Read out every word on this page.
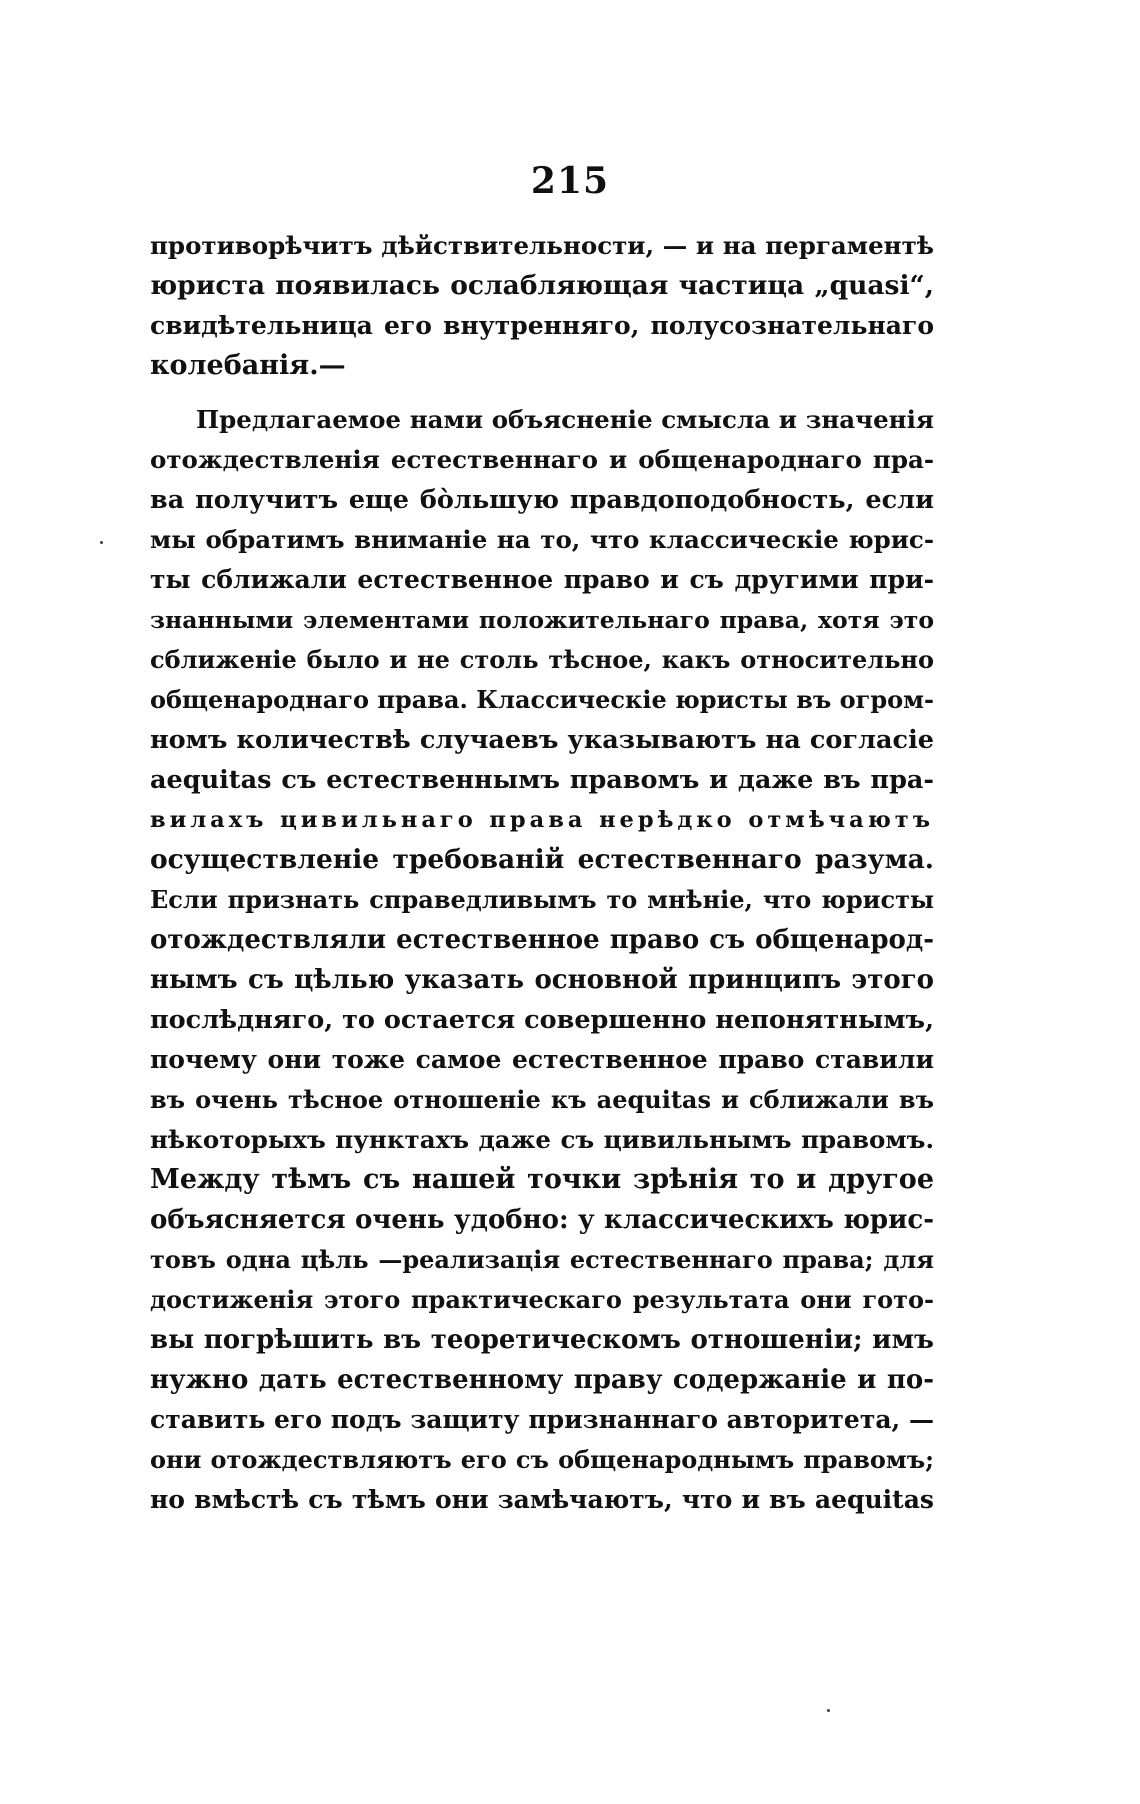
215
противорѣчитъ дѣйствительности, — и на пергаментѣ
юриста появилась ослабляющая частица „quasi“,
свидѣтельница его внутренняго, полусознательнаго
колебанія.—
Предлагаемое нами объясненіе смысла и значенія
отождествленія естественнаго и общенароднаго пра-
ва получитъ еще бо̀льшую правдоподобность, если
мы обратимъ вниманіе на то, что классическіе юрис-
ты сближали естественное право и съ другими при-
знанными элементами положительнаго права, хотя это
сближеніе было и не столь тѣсное, какъ относительно
общенароднаго права. Классическіе юристы въ огром-
номъ количествѣ случаевъ указываютъ на согласіе
aequitas съ естественнымъ правомъ и даже въ пра-
вилахъ цивильнаго права нерѣдко отмѣчаютъ
осуществленіе требованій естественнаго разума.
Если признать справедливымъ то мнѣніе, что юристы
отождествляли естественное право съ общенарод-
нымъ съ цѣлью указать основной принципъ этого
послѣдняго, то остается совершенно непонятнымъ,
почему они тоже самое естественное право ставили
въ очень тѣсное отношеніе къ aequitas и сближали въ
нѣкоторыхъ пунктахъ даже съ цивильнымъ правомъ.
Между тѣмъ съ нашей точки зрѣнія то и другое
объясняется очень удобно: у классическихъ юрис-
товъ одна цѣль —реализація естественнаго права; для
достиженія этого практическаго результата они гото-
вы погрѣшить въ теоретическомъ отношеніи; имъ
нужно дать естественному праву содержаніе и по-
ставить его подъ защиту признаннаго авторитета, —
они отождествляютъ его съ общенароднымъ правомъ;
но вмѣстѣ съ тѣмъ они замѣчаютъ, что и въ aequitas
